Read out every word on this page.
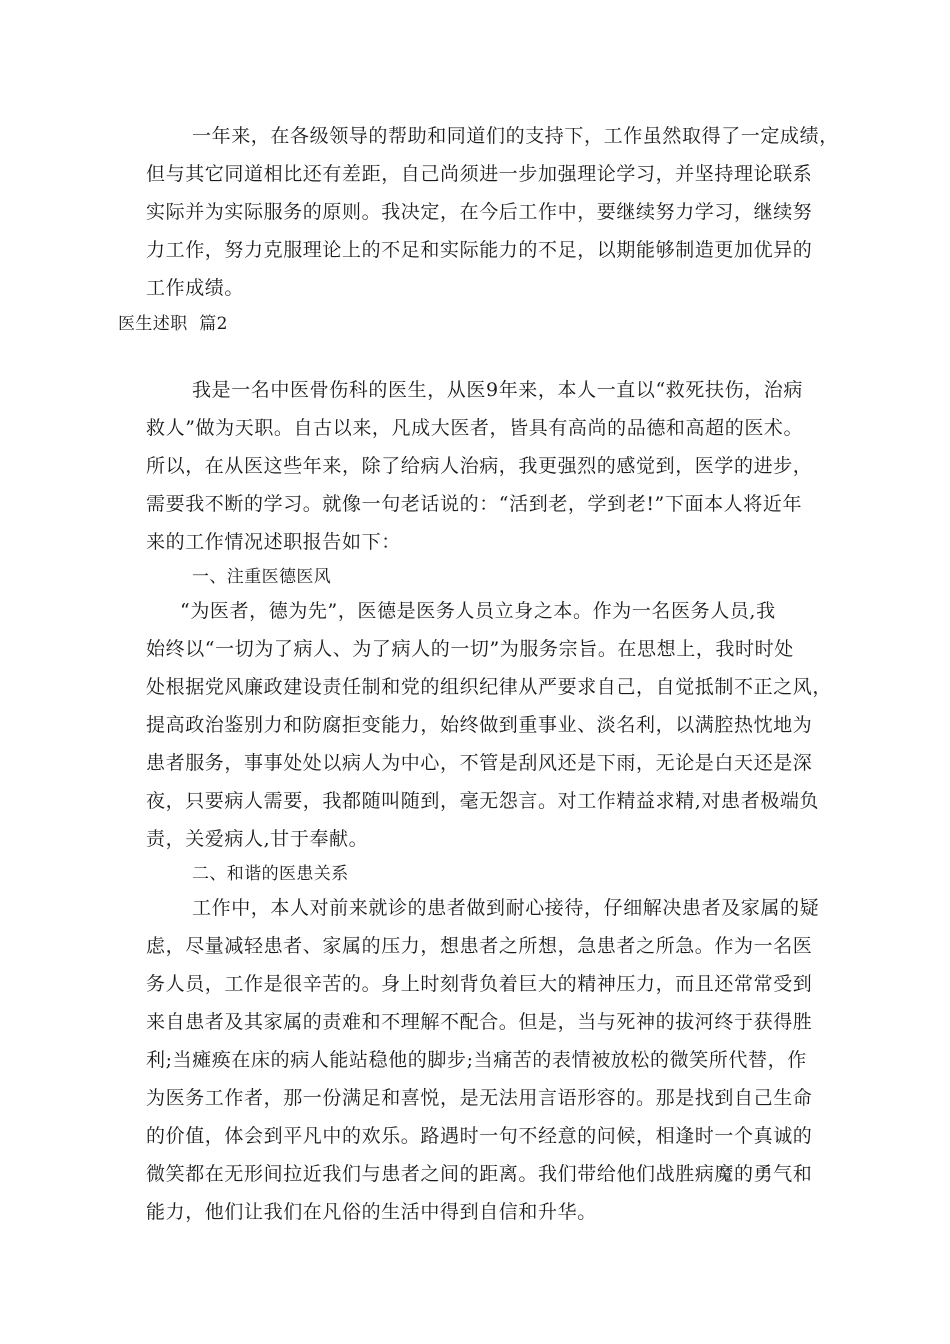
一年来，在各级领导的帮助和同道们的支持下，工作虽然取得了一定成绩，
但与其它同道相比还有差距，自己尚须进一步加强理论学习，并坚持理论联系
实际并为实际服务的原则。我决定，在今后工作中，要继续努力学习，继续努
力工作，努力克服理论上的不足和实际能力的不足，以期能够制造更加优异的
工作成绩。
医生述职  篇2
我是一名中医骨伤科的医生，从医9年来，本人一直以“救死扶伤，治病
救人”做为天职。自古以来，凡成大医者，皆具有高尚的品德和高超的医术。
所以，在从医这些年来，除了给病人治病，我更强烈的感觉到，医学的进步，
需要我不断的学习。就像一句老话说的：“活到老，学到老!”下面本人将近年
来的工作情况述职报告如下：
一、注重医德医风
“为医者，德为先”，医德是医务人员立身之本。作为一名医务人员,我
始终以“一切为了病人、为了病人的一切”为服务宗旨。在思想上，我时时处
处根据党风廉政建设责任制和党的组织纪律从严要求自己，自觉抵制不正之风，
提高政治鉴别力和防腐拒变能力，始终做到重事业、淡名利，以满腔热忱地为
患者服务，事事处处以病人为中心，不管是刮风还是下雨，无论是白天还是深
夜，只要病人需要，我都随叫随到，毫无怨言。对工作精益求精,对患者极端负
责，关爱病人,甘于奉献。
二、和谐的医患关系
工作中，本人对前来就诊的患者做到耐心接待，仔细解决患者及家属的疑
虑，尽量减轻患者、家属的压力，想患者之所想，急患者之所急。作为一名医
务人员，工作是很辛苦的。身上时刻背负着巨大的精神压力，而且还常常受到
来自患者及其家属的责难和不理解不配合。但是，当与死神的拔河终于获得胜
利;当瘫痪在床的病人能站稳他的脚步;当痛苦的表情被放松的微笑所代替，作
为医务工作者，那一份满足和喜悦，是无法用言语形容的。那是找到自己生命
的价值，体会到平凡中的欢乐。路遇时一句不经意的问候，相逢时一个真诚的
微笑都在无形间拉近我们与患者之间的距离。我们带给他们战胜病魔的勇气和
能力，他们让我们在凡俗的生活中得到自信和升华。
